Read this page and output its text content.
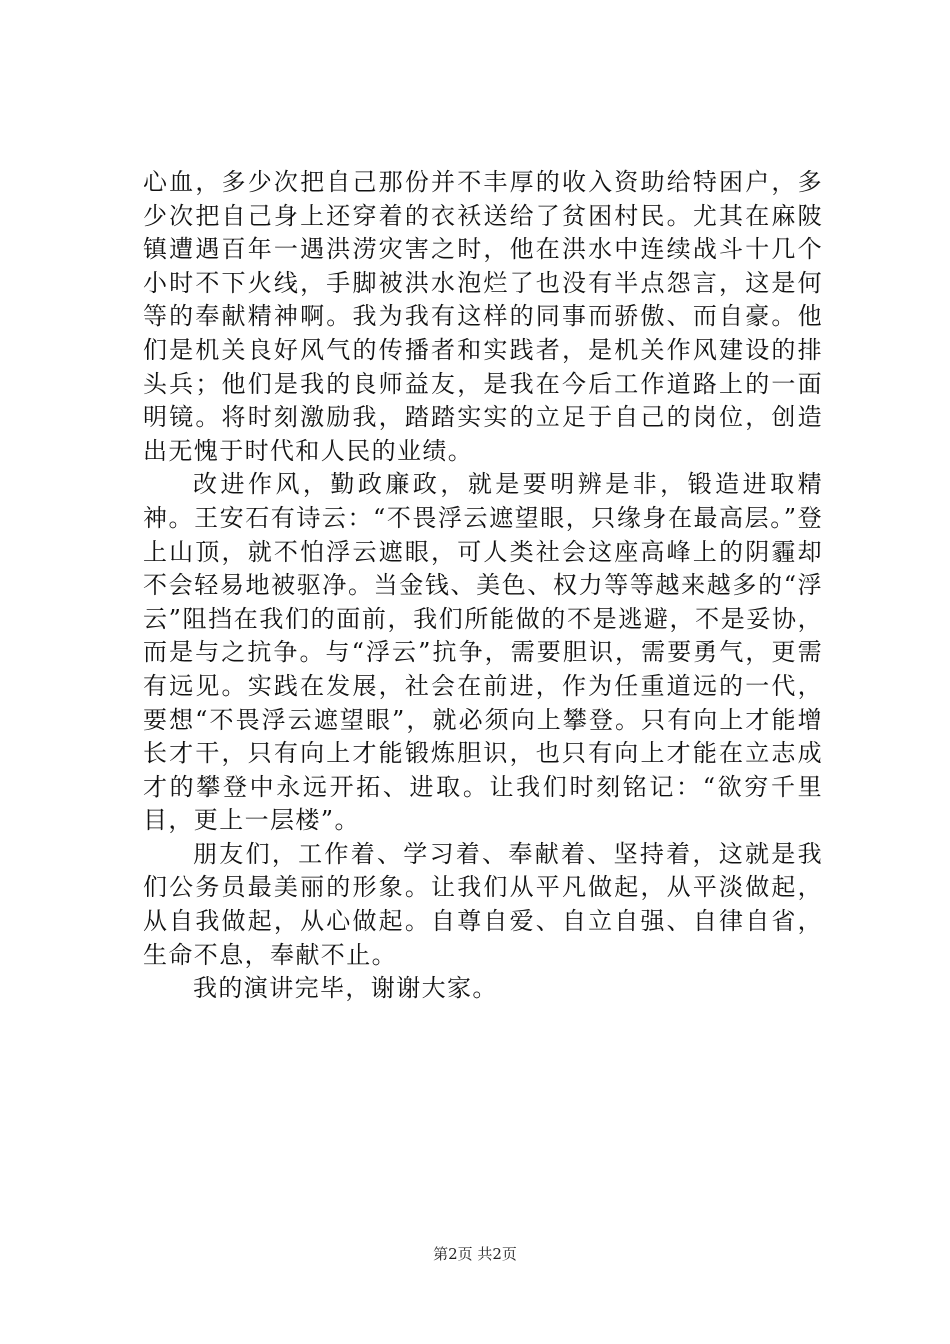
心血，多少次把自己那份并不丰厚的收入资助给特困户，多少次把自己身上还穿着的衣袄送给了贫困村民。尤其在麻陂镇遭遇百年一遇洪涝灾害之时，他在洪水中连续战斗十几个小时不下火线，手脚被洪水泡烂了也没有半点怨言，这是何等的奉献精神啊。我为我有这样的同事而骄傲、而自豪。他们是机关良好风气的传播者和实践者，是机关作风建设的排头兵；他们是我的良师益友，是我在今后工作道路上的一面明镜。将时刻激励我，踏踏实实的立足于自己的岗位，创造出无愧于时代和人民的业绩。

改进作风，勤政廉政，就是要明辨是非，锻造进取精神。王安石有诗云：“不畏浮云遮望眼，只缘身在最高层。”登上山顶，就不怕浮云遮眼，可人类社会这座高峰上的阴霾却不会轻易地被驱净。当金钱、美色、权力等等越来越多的“浮云”阻挡在我们的面前，我们所能做的不是逃避，不是妥协，而是与之抗争。与“浮云”抗争，需要胆识，需要勇气，更需有远见。实践在发展，社会在前进，作为任重道远的一代，要想“不畏浮云遮望眼”，就必须向上攀登。只有向上才能增长才干，只有向上才能锻炼胆识，也只有向上才能在立志成才的攀登中永远开拓、进取。让我们时刻铭记：“欲穷千里目，更上一层楼”。

朋友们，工作着、学习着、奉献着、坚持着，这就是我们公务员最美丽的形象。让我们从平凡做起，从平淡做起，从自我做起，从心做起。自尊自爱、自立自强、自律自省，生命不息，奉献不止。

我的演讲完毕，谢谢大家。

第2页 共2页
